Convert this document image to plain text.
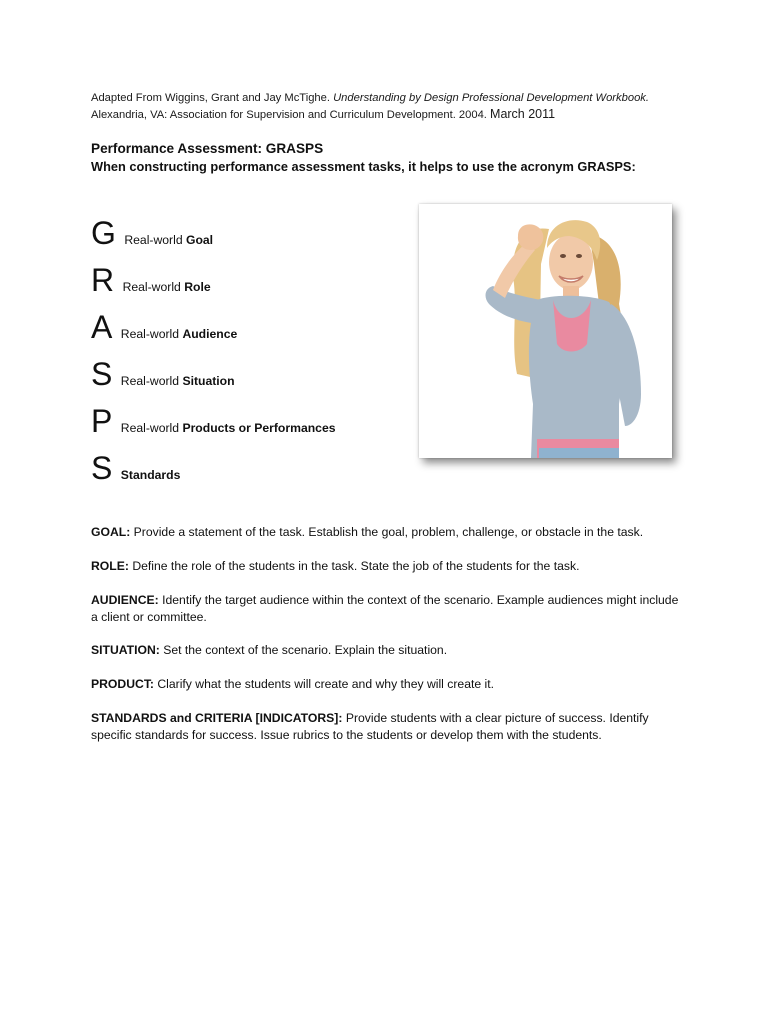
Adapted From Wiggins, Grant and Jay McTighe. Understanding by Design Professional Development Workbook.
Alexandria, VA: Association for Supervision and Curriculum Development. 2004. March 2011
Performance Assessment: GRASPS
When constructing performance assessment tasks, it helps to use the acronym GRASPS:
G Real-world Goal
R Real-world Role
A Real-world Audience
S Real-world Situation
P Real-world Products or Performances
S Standards
GOAL: Provide a statement of the task. Establish the goal, problem, challenge, or obstacle in the task.
ROLE: Define the role of the students in the task. State the job of the students for the task.
AUDIENCE: Identify the target audience within the context of the scenario. Example audiences might include a client or committee.
SITUATION: Set the context of the scenario. Explain the situation.
PRODUCT: Clarify what the students will create and why they will create it.
STANDARDS and CRITERIA [INDICATORS]: Provide students with a clear picture of success. Identify specific standards for success. Issue rubrics to the students or develop them with the students.
